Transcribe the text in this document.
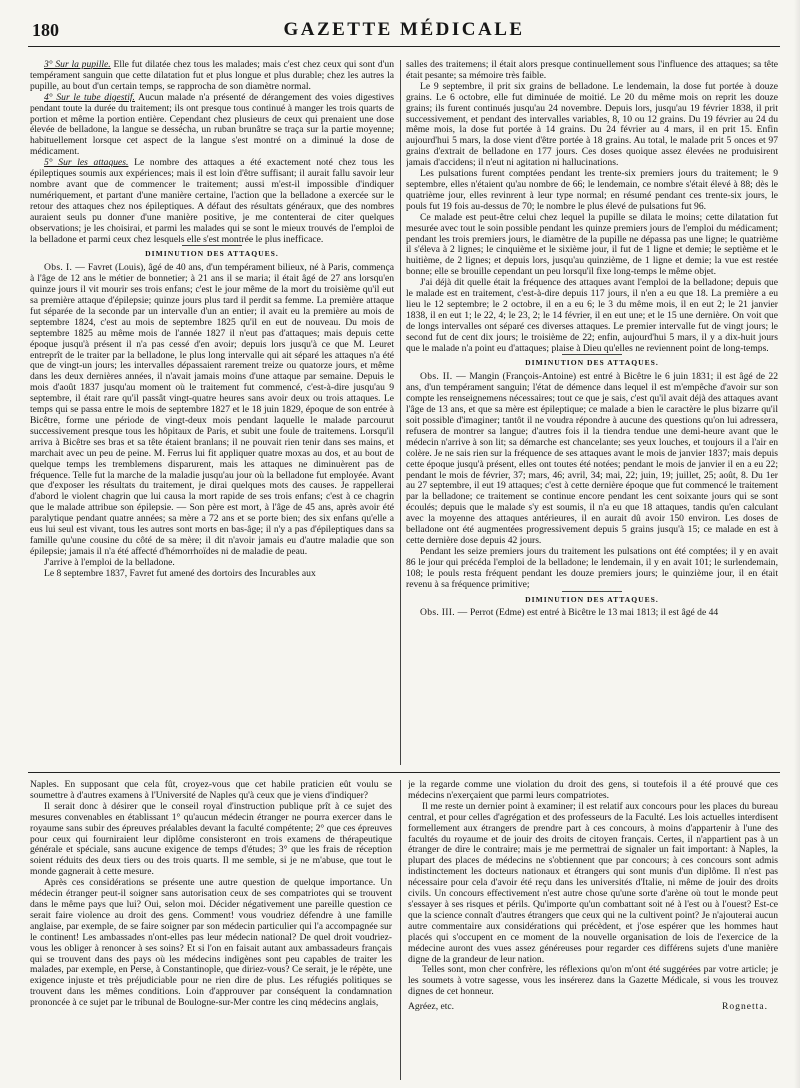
180	GAZETTE MÉDICALE

3° Sur la pupille. Elle fut dilatée chez tous les malades; mais c'est chez ceux qui sont d'un tempérament sanguin que cette dilatation fut et plus longue et plus durable; chez les autres la pupille, au bout d'un certain temps, se rapprocha de son diamètre normal.

4° Sur le tube digestif. Aucun malade n'a présenté de dérangement des voies digestives pendant toute la durée du traitement; ils ont presque tous continué à manger les trois quarts de portion et même la portion entière. Cependant chez plusieurs de ceux qui prenaient une dose élevée de belladone, la langue se dessécha, un ruban brunâtre se traça sur la partie moyenne; habituellement lorsque cet aspect de la langue s'est montré on a diminué la dose de médicament.

5° Sur les attaques. Le nombre des attaques a été exactement noté chez tous les épileptiques soumis aux expériences; mais il est loin d'être suffisant; il aurait fallu savoir leur nombre avant que de commencer le traitement; aussi m'est-il impossible d'indiquer numériquement, et partant d'une manière certaine, l'action que la belladone a exercée sur le retour des attaques chez nos épileptiques. A défaut des résultats généraux, que des nombres auraient seuls pu donner d'une manière positive, je me contenterai de citer quelques observations; je les choisirai, et parmi les malades qui se sont le mieux trouvés de l'emploi de la belladone et parmi ceux chez lesquels elle s'est montrée le plus inefficace.

DIMINUTION DES ATTAQUES.

Obs. I. — Favret (Louis), âgé de 40 ans, d'un tempérament bilieux, né à Paris, commença à l'âge de 12 ans le métier de bonnetier; à 21 ans il se maria; il était âgé de 27 ans lorsqu'en quinze jours il vit mourir ses trois enfans; c'est le jour même de la mort du troisième qu'il eut sa première attaque d'épilepsie; quinze jours plus tard il perdit sa femme. La première attaque fut séparée de la seconde par un intervalle d'un an entier; il avait eu la première au mois de septembre 1824, c'est au mois de septembre 1825 qu'il en eut de nouveau. Du mois de septembre 1825 au même mois de l'année 1827 il n'eut pas d'attaques; mais depuis cette époque jusqu'à présent il n'a pas cessé d'en avoir; depuis lors jusqu'à ce que M. Leuret entreprît de le traiter par la belladone, le plus long intervalle qui ait séparé les attaques n'a été que de vingt-un jours; les intervalles dépassaient rarement treize ou quatorze jours, et même dans les deux dernières années, il n'avait jamais moins d'une attaque par semaine. Depuis le mois d'août 1837 jusqu'au moment où le traitement fut commencé, c'est-à-dire jusqu'au 9 septembre, il était rare qu'il passât vingt-quatre heures sans avoir deux ou trois attaques. Le temps qui se passa entre le mois de septembre 1827 et le 18 juin 1829, époque de son entrée à Bicêtre, forme une période de vingt-deux mois pendant laquelle le malade parcourut successivement presque tous les hôpitaux de Paris, et subit une foule de traitemens. Lorsqu'il arriva à Bicêtre ses bras et sa tête étaient branlans; il ne pouvait rien tenir dans ses mains, et marchait avec un peu de peine. M. Ferrus lui fit appliquer quatre moxas au dos, et au bout de quelque temps les tremblemens disparurent, mais les attaques ne diminuèrent pas de fréquence. Telle fut la marche de la maladie jusqu'au jour où la belladone fut employée. Avant que d'exposer les résultats du traitement, je dirai quelques mots des causes. Je rappellerai d'abord le violent chagrin que lui causa la mort rapide de ses trois enfans; c'est à ce chagrin que le malade attribue son épilepsie. — Son père est mort, à l'âge de 45 ans, après avoir été paralytique pendant quatre années; sa mère a 72 ans et se porte bien; des six enfans qu'elle a eus lui seul est vivant, tous les autres sont morts en bas-âge; il n'y a pas d'épileptiques dans sa famille qu'une cousine du côté de sa mère; il dit n'avoir jamais eu d'autre maladie que son épilepsie; jamais il n'a été affecté d'hémorrhoïdes ni de maladie de peau.

J'arrive à l'emploi de la belladone.

Le 8 septembre 1837, Favret fut amené des dortoirs des Incurables aux

salles des traitemens; il était alors presque continuellement sous l'influence des attaques; sa tête était pesante; sa mémoire très faible.

Le 9 septembre, il prit six grains de belladone. Le lendemain, la dose fut portée à douze grains. Le 6 octobre, elle fut diminuée de moitié. Le 20 du même mois on reprit les douze grains; ils furent continués jusqu'au 24 novembre. Depuis lors, jusqu'au 19 février 1838, il prit successivement, et pendant des intervalles variables, 8, 10 ou 12 grains. Du 19 février au 24 du même mois, la dose fut portée à 14 grains. Du 24 février au 4 mars, il en prit 15. Enfin aujourd'hui 5 mars, la dose vient d'être portée à 18 grains. Au total, le malade prit 5 onces et 97 grains d'extrait de belladone en 177 jours. Ces doses quoique assez élevées ne produisirent jamais d'accidens; il n'eut ni agitation ni hallucinations.

Les pulsations furent comptées pendant les trente-six premiers jours du traitement; le 9 septembre, elles n'étaient qu'au nombre de 66; le lendemain, ce nombre s'était élevé à 88; dès le quatrième jour, elles revinrent à leur type normal; en résumé pendant ces trente-six jours, le pouls fut 19 fois au-dessus de 70; le nombre le plus élevé de pulsations fut 96.

Ce malade est peut-être celui chez lequel la pupille se dilata le moins; cette dilatation fut mesurée avec tout le soin possible pendant les quinze premiers jours de l'emploi du médicament; pendant les trois premiers jours, le diamètre de la pupille ne dépassa pas une ligne; le quatrième il s'éleva à 2 lignes; le cinquième et le sixième jour, il fut de 1 ligne et demie; le septième et le huitième, de 2 lignes; et depuis lors, jusqu'au quinzième, de 1 ligne et demie; la vue est restée bonne; elle se brouille cependant un peu lorsqu'il fixe long-temps le même objet.

J'ai déjà dit quelle était la fréquence des attaques avant l'emploi de la belladone; depuis que le malade est en traitement, c'est-à-dire depuis 117 jours, il n'en a eu que 18. La première a eu lieu le 12 septembre; le 2 octobre, il en a eu 6; le 3 du même mois, il en eut 2; le 21 janvier 1838, il en eut 1; le 22, 4; le 23, 2; le 14 février, il en eut une; et le 15 une dernière. On voit que de longs intervalles ont séparé ces diverses attaques. Le premier intervalle fut de vingt jours; le second fut de cent dix jours; le troisième de 22; enfin, aujourd'hui 5 mars, il y a dix-huit jours que le malade n'a point eu d'attaques; plaise à Dieu qu'elles ne reviennent point de long-temps.

DIMINUTION DES ATTAQUES.

Obs. II. — Mangin (François-Antoine) est entré à Bicêtre le 6 juin 1831; il est âgé de 22 ans, d'un tempérament sanguin; l'état de démence dans lequel il est m'empêche d'avoir sur son compte les renseignemens nécessaires; tout ce que je sais, c'est qu'il avait déjà des attaques avant l'âge de 13 ans, et que sa mère est épileptique; ce malade a bien le caractère le plus bizarre qu'il soit possible d'imaginer; tantôt il ne voudra répondre à aucune des questions qu'on lui adressera, refusera de montrer sa langue; d'autres fois il la tiendra tendue une demi-heure avant que le médecin n'arrive à son lit; sa démarche est chancelante; ses yeux louches, et toujours il a l'air en colère. Je ne sais rien sur la fréquence de ses attaques avant le mois de janvier 1837; mais depuis cette époque jusqu'à présent, elles ont toutes été notées; pendant le mois de janvier il en a eu 22; pendant le mois de février, 37; mars, 46; avril, 34; mai, 22; juin, 19; juillet, 25; août, 8. Du 1er au 27 septembre, il eut 19 attaques; c'est à cette dernière époque que fut commencé le traitement par la belladone; ce traitement se continue encore pendant les cent soixante jours qui se sont écoulés; depuis que le malade s'y est soumis, il n'a eu que 18 attaques, tandis qu'en calculant avec la moyenne des attaques antérieures, il en aurait dû avoir 150 environ. Les doses de belladone ont été augmentées progressivement depuis 5 grains jusqu'à 15; ce malade en est à cette dernière dose depuis 42 jours.

Pendant les seize premiers jours du traitement les pulsations ont été comptées; il y en avait 86 le jour qui précéda l'emploi de la belladone; le lendemain, il y en avait 101; le surlendemain, 108; le pouls resta fréquent pendant les douze premiers jours; le quinzième jour, il en était revenu à sa fréquence primitive;

DIMINUTION DES ATTAQUES.

Obs. III. — Perrot (Edme) est entré à Bicêtre le 13 mai 1813; il est âgé de 44

Naples. En supposant que cela fût, croyez-vous que cet habile praticien eût voulu se soumettre à d'autres examens à l'Université de Naples qu'à ceux que je viens d'indiquer?

Il serait donc à désirer que le conseil royal d'instruction publique prît à ce sujet des mesures convenables en établissant 1° qu'aucun médecin étranger ne pourra exercer dans le royaume sans subir des épreuves préalables devant la faculté compétente; 2° que ces épreuves pour ceux qui fourniraient leur diplôme consisteront en trois examens de thérapeutique générale et spéciale, sans aucune exigence de temps d'études; 3° que les frais de réception soient réduits des deux tiers ou des trois quarts. Il me semble, si je ne m'abuse, que tout le monde gagnerait à cette mesure.

Après ces considérations se présente une autre question de quelque importance. Un médecin étranger peut-il soigner sans autorisation ceux de ses compatriotes qui se trouvent dans le même pays que lui? Oui, selon moi. Décider négativement une pareille question ce serait faire violence au droit des gens. Comment! vous voudriez défendre à une famille anglaise, par exemple, de se faire soigner par son médecin particulier qui l'a accompagnée sur le continent! Les ambassades n'ont-elles pas leur médecin national? De quel droit voudriez-vous les obliger à renoncer à ses soins? Et si l'on en faisait autant aux ambassadeurs français qui se trouvent dans des pays où les médecins indigènes sont peu capables de traiter les malades, par exemple, en Perse, à Constantinople, que diriez-vous? Ce serait, je le répète, une exigence injuste et très préjudiciable pour ne rien dire de plus. Les réfugiés politiques se trouvent dans les mêmes conditions. Loin d'approuver par conséquent la condamnation prononcée à ce sujet par le tribunal de Boulogne-sur-Mer contre les cinq médecins anglais,

je la regarde comme une violation du droit des gens, si toutefois il a été prouvé que ces médecins n'exerçaient que parmi leurs compatriotes.

Il me reste un dernier point à examiner; il est relatif aux concours pour les places du bureau central, et pour celles d'agrégation et des professeurs de la Faculté. Les lois actuelles interdisent formellement aux étrangers de prendre part à ces concours, à moins d'appartenir à l'une des facultés du royaume et de jouir des droits de citoyen français. Certes, il n'appartient pas à un étranger de dire le contraire; mais je me permettrai de signaler un fait important: à Naples, la plupart des places de médecins ne s'obtiennent que par concours; à ces concours sont admis indistinctement les docteurs nationaux et étrangers qui sont munis d'un diplôme. Il n'est pas nécessaire pour cela d'avoir été reçu dans les universités d'Italie, ni même de jouir des droits civils. Un concours effectivement n'est autre chose qu'une sorte d'arène où tout le monde peut s'essayer à ses risques et périls. Qu'importe qu'un combattant soit né à l'est ou à l'ouest? Est-ce que la science connaît d'autres étrangers que ceux qui ne la cultivent point? Je n'ajouterai aucun autre commentaire aux considérations qui précèdent, et j'ose espérer que les hommes haut placés qui s'occupent en ce moment de la nouvelle organisation de lois de l'exercice de la médecine auront des vues assez généreuses pour regarder ces différens sujets d'une manière digne de la grandeur de leur nation.

Telles sont, mon cher confrère, les réflexions qu'on m'ont été suggérées par votre article; je les soumets à votre sagesse, vous les insérerez dans la Gazette Médicale, si vous les trouvez dignes de cet honneur.

Agréez, etc.	Rognetta.
